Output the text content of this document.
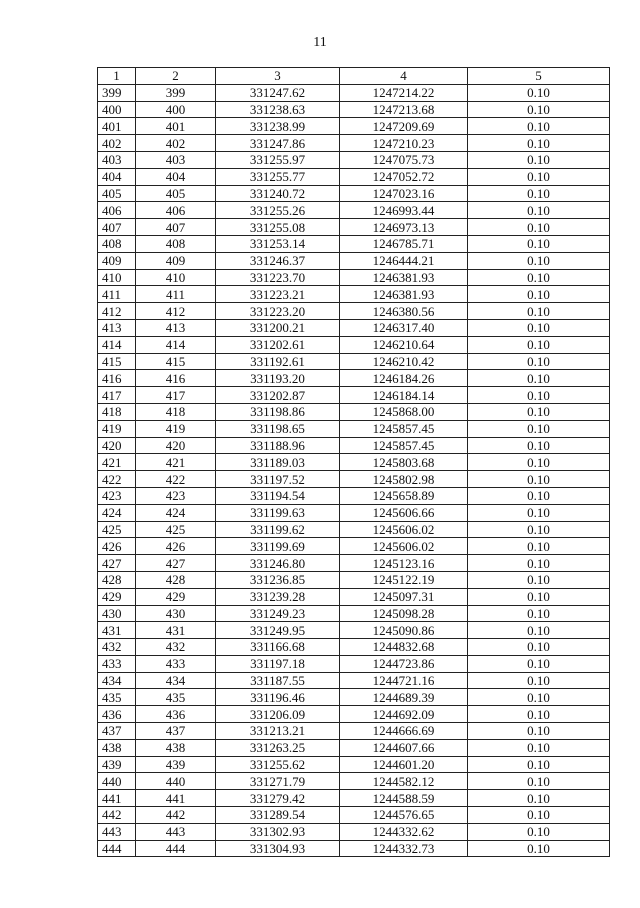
11
1	2	3	4	5
399	399	331247.62	1247214.22	0.10
400	400	331238.63	1247213.68	0.10
401	401	331238.99	1247209.69	0.10
402	402	331247.86	1247210.23	0.10
403	403	331255.97	1247075.73	0.10
404	404	331255.77	1247052.72	0.10
405	405	331240.72	1247023.16	0.10
406	406	331255.26	1246993.44	0.10
407	407	331255.08	1246973.13	0.10
408	408	331253.14	1246785.71	0.10
409	409	331246.37	1246444.21	0.10
410	410	331223.70	1246381.93	0.10
411	411	331223.21	1246381.93	0.10
412	412	331223.20	1246380.56	0.10
413	413	331200.21	1246317.40	0.10
414	414	331202.61	1246210.64	0.10
415	415	331192.61	1246210.42	0.10
416	416	331193.20	1246184.26	0.10
417	417	331202.87	1246184.14	0.10
418	418	331198.86	1245868.00	0.10
419	419	331198.65	1245857.45	0.10
420	420	331188.96	1245857.45	0.10
421	421	331189.03	1245803.68	0.10
422	422	331197.52	1245802.98	0.10
423	423	331194.54	1245658.89	0.10
424	424	331199.63	1245606.66	0.10
425	425	331199.62	1245606.02	0.10
426	426	331199.69	1245606.02	0.10
427	427	331246.80	1245123.16	0.10
428	428	331236.85	1245122.19	0.10
429	429	331239.28	1245097.31	0.10
430	430	331249.23	1245098.28	0.10
431	431	331249.95	1245090.86	0.10
432	432	331166.68	1244832.68	0.10
433	433	331197.18	1244723.86	0.10
434	434	331187.55	1244721.16	0.10
435	435	331196.46	1244689.39	0.10
436	436	331206.09	1244692.09	0.10
437	437	331213.21	1244666.69	0.10
438	438	331263.25	1244607.66	0.10
439	439	331255.62	1244601.20	0.10
440	440	331271.79	1244582.12	0.10
441	441	331279.42	1244588.59	0.10
442	442	331289.54	1244576.65	0.10
443	443	331302.93	1244332.62	0.10
444	444	331304.93	1244332.73	0.10
